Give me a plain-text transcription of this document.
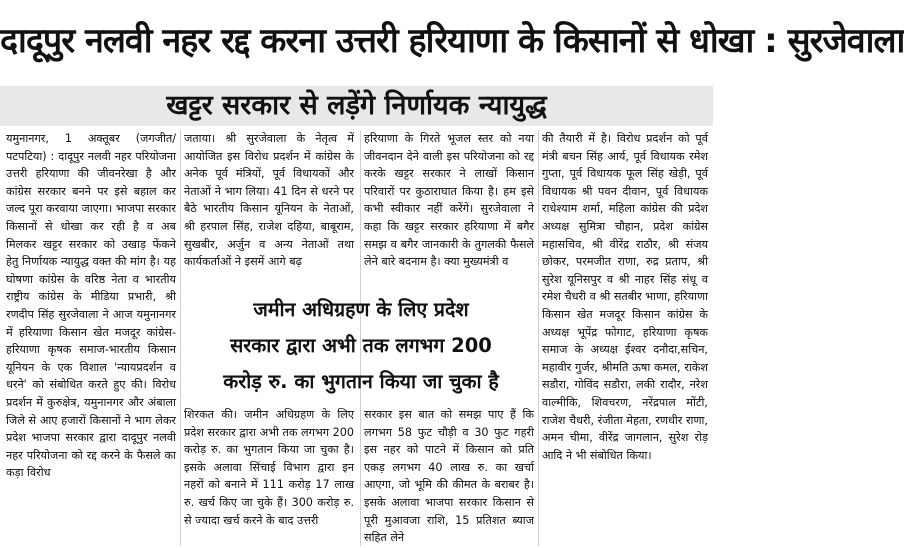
दादूपुर नलवी नहर रद्द करना उत्तरी हरियाणा के किसानों से धोखा : सुरजेवाला
खट्टर सरकार से लड़ेंगे निर्णायक न्यायुद्ध

यमुनानगर, 1 अक्तूबर (जगजीत/ पटपटिया) : दादूपुर नलवी नहर परियोजना उत्तरी हरियाणा की जीवनरेखा है और कांग्रेस सरकार बनने पर इसे बहाल कर जल्द पूरा करवाया जाएगा। भाजपा सरकार किसानों से धोखा कर रही है व अब मिलकर खट्टर सरकार को उखाड़ फेंकने हेतु निर्णायक न्यायुद्ध वक्त की मांग है। यह घोषणा कांग्रेस के वरिष्ठ नेता व भारतीय राष्ट्रीय कांग्रेस के मीडिया प्रभारी, श्री रणदीप सिंह सुरजेवाला ने आज यमुनानगर में हरियाणा किसान खेत मजदूर कांग्रेस-हरियाणा कृषक समाज-भारतीय किसान यूनियन के एक विशाल 'न्यायप्रदर्शन व धरने' को संबोधित करते हुए की। विरोध प्रदर्शन में कुरुक्षेत्र, यमुनानगर और अंबाला जिले से आए हजारों किसानों ने भाग लेकर प्रदेश भाजपा सरकार द्वारा दादूपुर नलवी नहर परियोजना को रद्द करने के फैसले का कड़ा विरोध

जताया। श्री सुरजेवाला के नेतृत्व में आयोजित इस विरोध प्रदर्शन में कांग्रेस के अनेक पूर्व मंत्रियों, पूर्व विधायकों और नेताओं ने भाग लिया। 41 दिन से धरने पर बैठे भारतीय किसान यूनियन के नेताओं, श्री हरपाल सिंह, राजेश दहिया, बाबूराम, सुखबीर, अर्जुन व अन्य नेताओं तथा कार्यकर्ताओं ने इसमें आगे बढ़

हरियाणा के गिरते भूजल स्तर को नया जीवनदान देने वाली इस परियोजना को रद्द करके खट्टर सरकार ने लाखों किसान परिवारों पर कुठाराघात किया है। हम इसे कभी स्वीकार नहीं करेंगे। सुरजेवाला ने कहा कि खट्टर सरकार हरियाणा में बगैर समझ व बगैर जानकारी के तुगलकी फैसले लेने बारे बदनाम है। क्या मुख्यमंत्री व

जमीन अधिग्रहण के लिए प्रदेश
सरकार द्वारा अभी तक लगभग 200
करोड़ रु. का भुगतान किया जा चुका है

शिरकत की। जमीन अधिग्रहण के लिए प्रदेश सरकार द्वारा अभी तक लगभग 200 करोड़ रु. का भुगतान किया जा चुका है। इसके अलावा सिंचाई विभाग द्वारा इन नहरों को बनाने में 111 करोड़ 17 लाख रु. खर्च किए जा चुके हैं। 300 करोड़ रु. से ज्यादा खर्च करने के बाद उत्तरी

सरकार इस बात को समझ पाए हैं कि लगभग 58 फुट चौड़ी व 30 फुट गहरी इस नहर को पाटने में किसान को प्रति एकड़ लगभग 40 लाख रु. का खर्चा आएगा, जो भूमि की कीमत के बराबर है। इसके अलावा भाजपा सरकार किसान से पूरी मुआवजा राशि, 15 प्रतिशत ब्याज सहित लेने

की तैयारी में है। विरोध प्रदर्शन को पूर्व मंत्री बचन सिंह आर्य, पूर्व विधायक रमेश गुप्ता, पूर्व विधायक फूल सिंह खेड़ी, पूर्व विधायक श्री पवन दीवान, पूर्व विधायक राधेश्याम शर्मा, महिला कांग्रेस की प्रदेश अध्यक्ष सुमित्रा चौहान, प्रदेश कांग्रेस महासचिव, श्री वीरेंद्र राठौर, श्री संजय छोकर, परमजीत राणा, रुद्र प्रताप, श्री सुरेश यूनिसपुर व श्री नाहर सिंह संधू व रमेश चैधरी व श्री सतबीर भाणा, हरियाणा किसान खेत मजदूर किसान कांग्रेस के अध्यक्ष भूपेंद्र फोगाट, हरियाणा कृषक समाज के अध्यक्ष ईश्वर दनौदा,सचिन, महावीर गुर्जर, श्रीमति ऊषा कमल, राकेश सडौरा, गोविंद सडौरा, लकी रादौर, नरेश वाल्मीकि, शिवचरण, नरेंद्रपाल मोंटी, राजेश चैधरी, रंजीता मेहता, रणधीर राणा, अमन चीमा, वीरेंद्र जागलान, सुरेश रोड़ आदि ने भी संबोधित किया।
